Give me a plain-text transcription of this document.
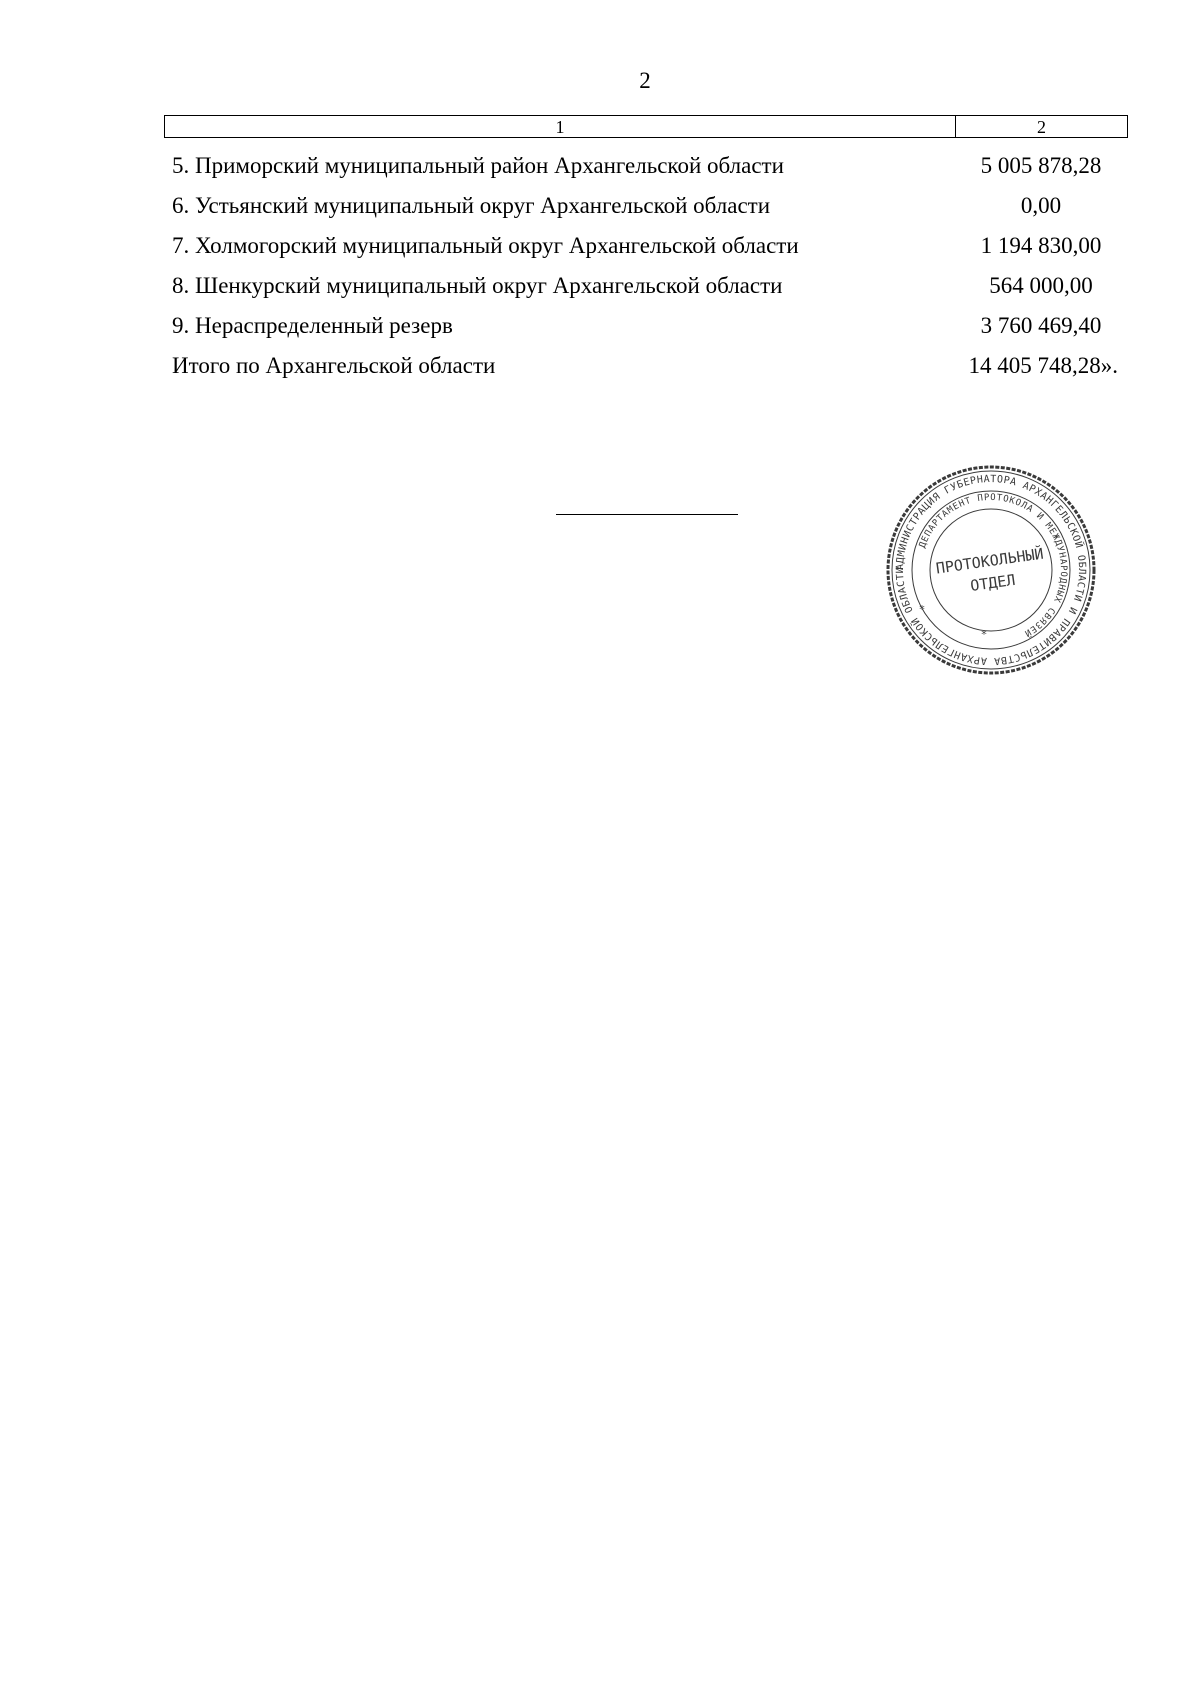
2
1	2
5. Приморский муниципальный район Архангельской области	5 005 878,28
6. Устьянский муниципальный округ Архангельской области	0,00
7. Холмогорский муниципальный округ Архангельской области	1 194 830,00
8. Шенкурский муниципальный округ Архангельской области	564 000,00
9. Нераспределенный резерв	3 760 469,40
Итого по Архангельской области	14 405 748,28».
АДМИНИСТРАЦИЯ ГУБЕРНАТОРА АРХАНГЕЛЬСКОЙ ОБЛАСТИ И ПРАВИТЕЛЬСТВА АРХАНГЕЛЬСКОЙ ОБЛАСТИ
ДЕПАРТАМЕНТ ПРОТОКОЛА И МЕЖДУНАРОДНЫХ СВЯЗЕЙ
ПРОТОКОЛЬНЫЙ
ОТДЕЛ
*
*
